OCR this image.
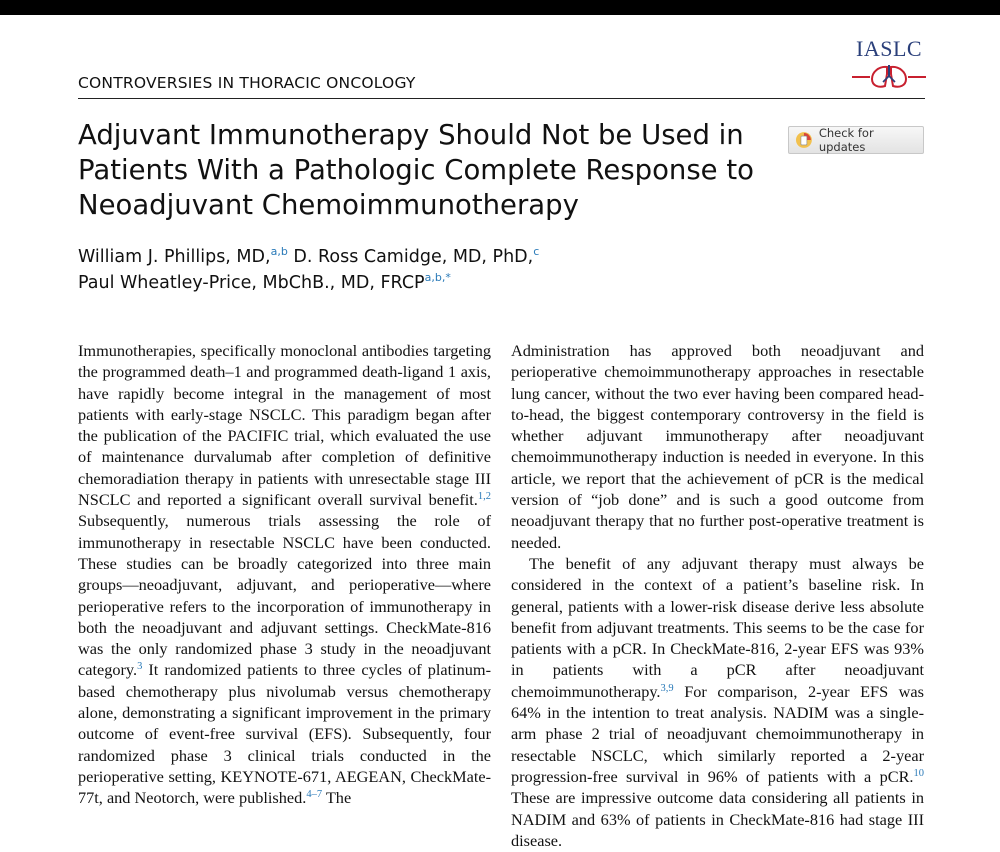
IASLC
CONTROVERSIES IN THORACIC ONCOLOGY
Adjuvant Immunotherapy Should Not be Used in Patients With a Pathologic Complete Response to Neoadjuvant Chemoimmunotherapy
Check for updates
William J. Phillips, MD,$^{a,b}$ D. Ross Camidge, MD, PhD,$^c$
Paul Wheatley-Price, MbChB., MD, $FRCP^{a,b,*}$

Immunotherapies, specifically monoclonal antibodies targeting the programmed death–1 and programmed death-ligand 1 axis, have rapidly become integral in the management of most patients with early-stage NSCLC. This paradigm began after the publication of the PACIFIC trial, which evaluated the use of maintenance durvalumab after completion of definitive chemoradiation therapy in patients with unresectable stage III NSCLC and reported a significant overall survival benefit.$^{1,2}$ Subsequently, numerous trials assessing the role of immunotherapy in resectable NSCLC have been conducted. These studies can be broadly categorized into three main groups—neoadjuvant, adjuvant, and perioperative—where perioperative refers to the incorporation of immunotherapy in both the neoadjuvant and adjuvant settings. CheckMate-816 was the only randomized phase 3 study in the neoadjuvant category.$^3$ It randomized patients to three cycles of platinum-based chemotherapy plus nivolumab versus chemotherapy alone, demonstrating a significant improvement in the primary outcome of event-free survival (EFS). Subsequently, four randomized phase 3 clinical trials conducted in the perioperative setting, KEYNOTE-671, AEGEAN, CheckMate-77t, and Neotorch, were published.$^{4-7}$ The

Administration has approved both neoadjuvant and perioperative chemoimmunotherapy approaches in resectable lung cancer, without the two ever having been compared head-to-head, the biggest contemporary controversy in the field is whether adjuvant immunotherapy after neoadjuvant chemoimmunotherapy induction is needed in everyone. In this article, we report that the achievement of pCR is the medical version of “job done” and is such a good outcome from neoadjuvant therapy that no further post-operative treatment is needed.

The benefit of any adjuvant therapy must always be considered in the context of a patient’s baseline risk. In general, patients with a lower-risk disease derive less absolute benefit from adjuvant treatments. This seems to be the case for patients with a pCR. In CheckMate-816, 2-year EFS was 93% in patients with a pCR after neoadjuvant chemoimmunotherapy.$^{3,9}$ For comparison, 2-year EFS was 64% in the intention to treat analysis. NADIM was a single-arm phase 2 trial of neoadjuvant chemoimmunotherapy in resectable NSCLC, which similarly reported a 2-year progression-free survival in 96% of patients with a pCR.$^{10}$ These are impressive outcome data considering all patients in NADIM and 63% of patients in CheckMate-816 had stage III disease.
